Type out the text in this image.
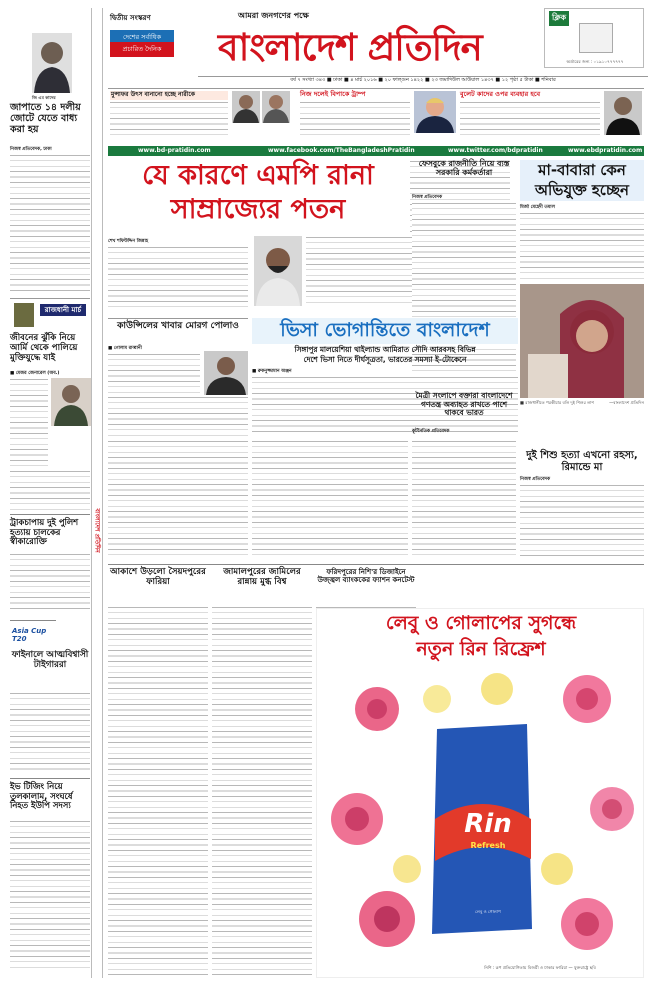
জি এম কাদের
জাপাতে ১৪ দলীয় জোটে যেতে বাধ্য করা হয়
নিজস্ব প্রতিবেদক, ঢাকা
রাজধানী মার্চ
জীবনের ঝুঁকি নিয়ে আর্মি থেকে পালিয়ে মুক্তিযুদ্ধে যাই
■ মেজর জেনারেল (অব.)
ট্রাকচাপায় দুই পুলিশ হত্যায় চালকের স্বীকারোক্তি
Asia Cup T20
ফাইনালে আত্মবিশ্বাসী টাইগাররা
ইভ টিজিং নিয়ে তুলকালাম, সংঘর্ষে নিহত ইউপি সদস্য
বাংলাদেশ প্রতিদিন
দ্বিতীয় সংস্করণ	আমরা জনগণের পক্ষে
দেশের সর্বাধিক
প্রচারিত দৈনিক	বাংলাদেশ প্রতিদিন
ক্লিক
অর্ডারের জন্য : ০১৯১০৭৭৭৭৭৭
বর্ষ ৭ সংখ্যা ৩৪৩ ■ ঢাকা ■ ৪ মার্চ ২০১৬ ■ ২০ ফাল্গুন ১৪২২ ■ ২৩ জমাদিউল আউয়াল ১৪৩৭ ■ ১২ পৃষ্ঠা ৫ টাকা ■ শনিবার
মুন্সাফর উৎস বানানো হচ্ছে নারীকে	নিজ দলেই বিপাকে ট্রাম্প	বুলেট কাদের ওপর ব্যবহার হবে
www.bd-pratidin.com	www.facebook.com/TheBangladeshPratidin	www.twitter.com/bdpratidin	www.ebdpratidin.com
যে কারণে এমপি রানা
সাম্রাজ্যের পতন
শেখ শফিউদ্দিন জিন্নাহ
ফেসবুকে রাজনীতি নিয়ে ব্যস্ত সরকারি কর্মকর্তারা
নিজস্ব প্রতিবেদক
মা-বাবারা কেন
অভিযুক্ত হচ্ছেন
মির্জা মেহেদী তমাল
■ রাজধানীতে পরকীয়ার বলি দুই শিশুর লাশ	—বাংলাদেশ প্রতিদিন
কাউন্সিলের খাবার মোরগ পোলাও
■ গোলাম রাব্বানী
ভিসা ভোগান্তিতে বাংলাদেশ
সিঙ্গাপুর মালয়েশিয়া থাইল্যান্ড আমিরাত সৌদি আরবসহ বিভিন্ন
দেশে ভিসা নিতে দীর্ঘসূত্রতা, ভারতের সমস্যা ই-টোকেনে
■ রুকনুজ্জামান অঞ্জন
মৈত্রী সংলাপে বক্তারা বাংলাদেশে গণতন্ত্র অব্যাহত রাখতে পাশে থাকবে ভারত
কূটনৈতিক প্রতিবেদক
দুই শিশু হত্যা এখনো রহস্য, রিমান্ডে মা
নিজস্ব প্রতিবেদক
আকাশে উড়লো সৈয়দপুরের ফারিয়া
জামালপুরের জামিলের রান্নায় মুগ্ধ বিশ্ব
ফরিদপুরের নিশি'র ডিজাইনে উজ্জ্বল ব্যাংককের ফ্যাশন কনটেস্ট
লেবু ও গোলাপের সুগন্ধে
নতুন রিন রিফ্রেশ
Rin
Refresh
লেবু ও গোলাপ
নিশি : রূপ প্রতিযোগিতায় বিজয়ী ও ঢাকার ফারিয়া — যুক্তরাষ্ট্রে ছবি
